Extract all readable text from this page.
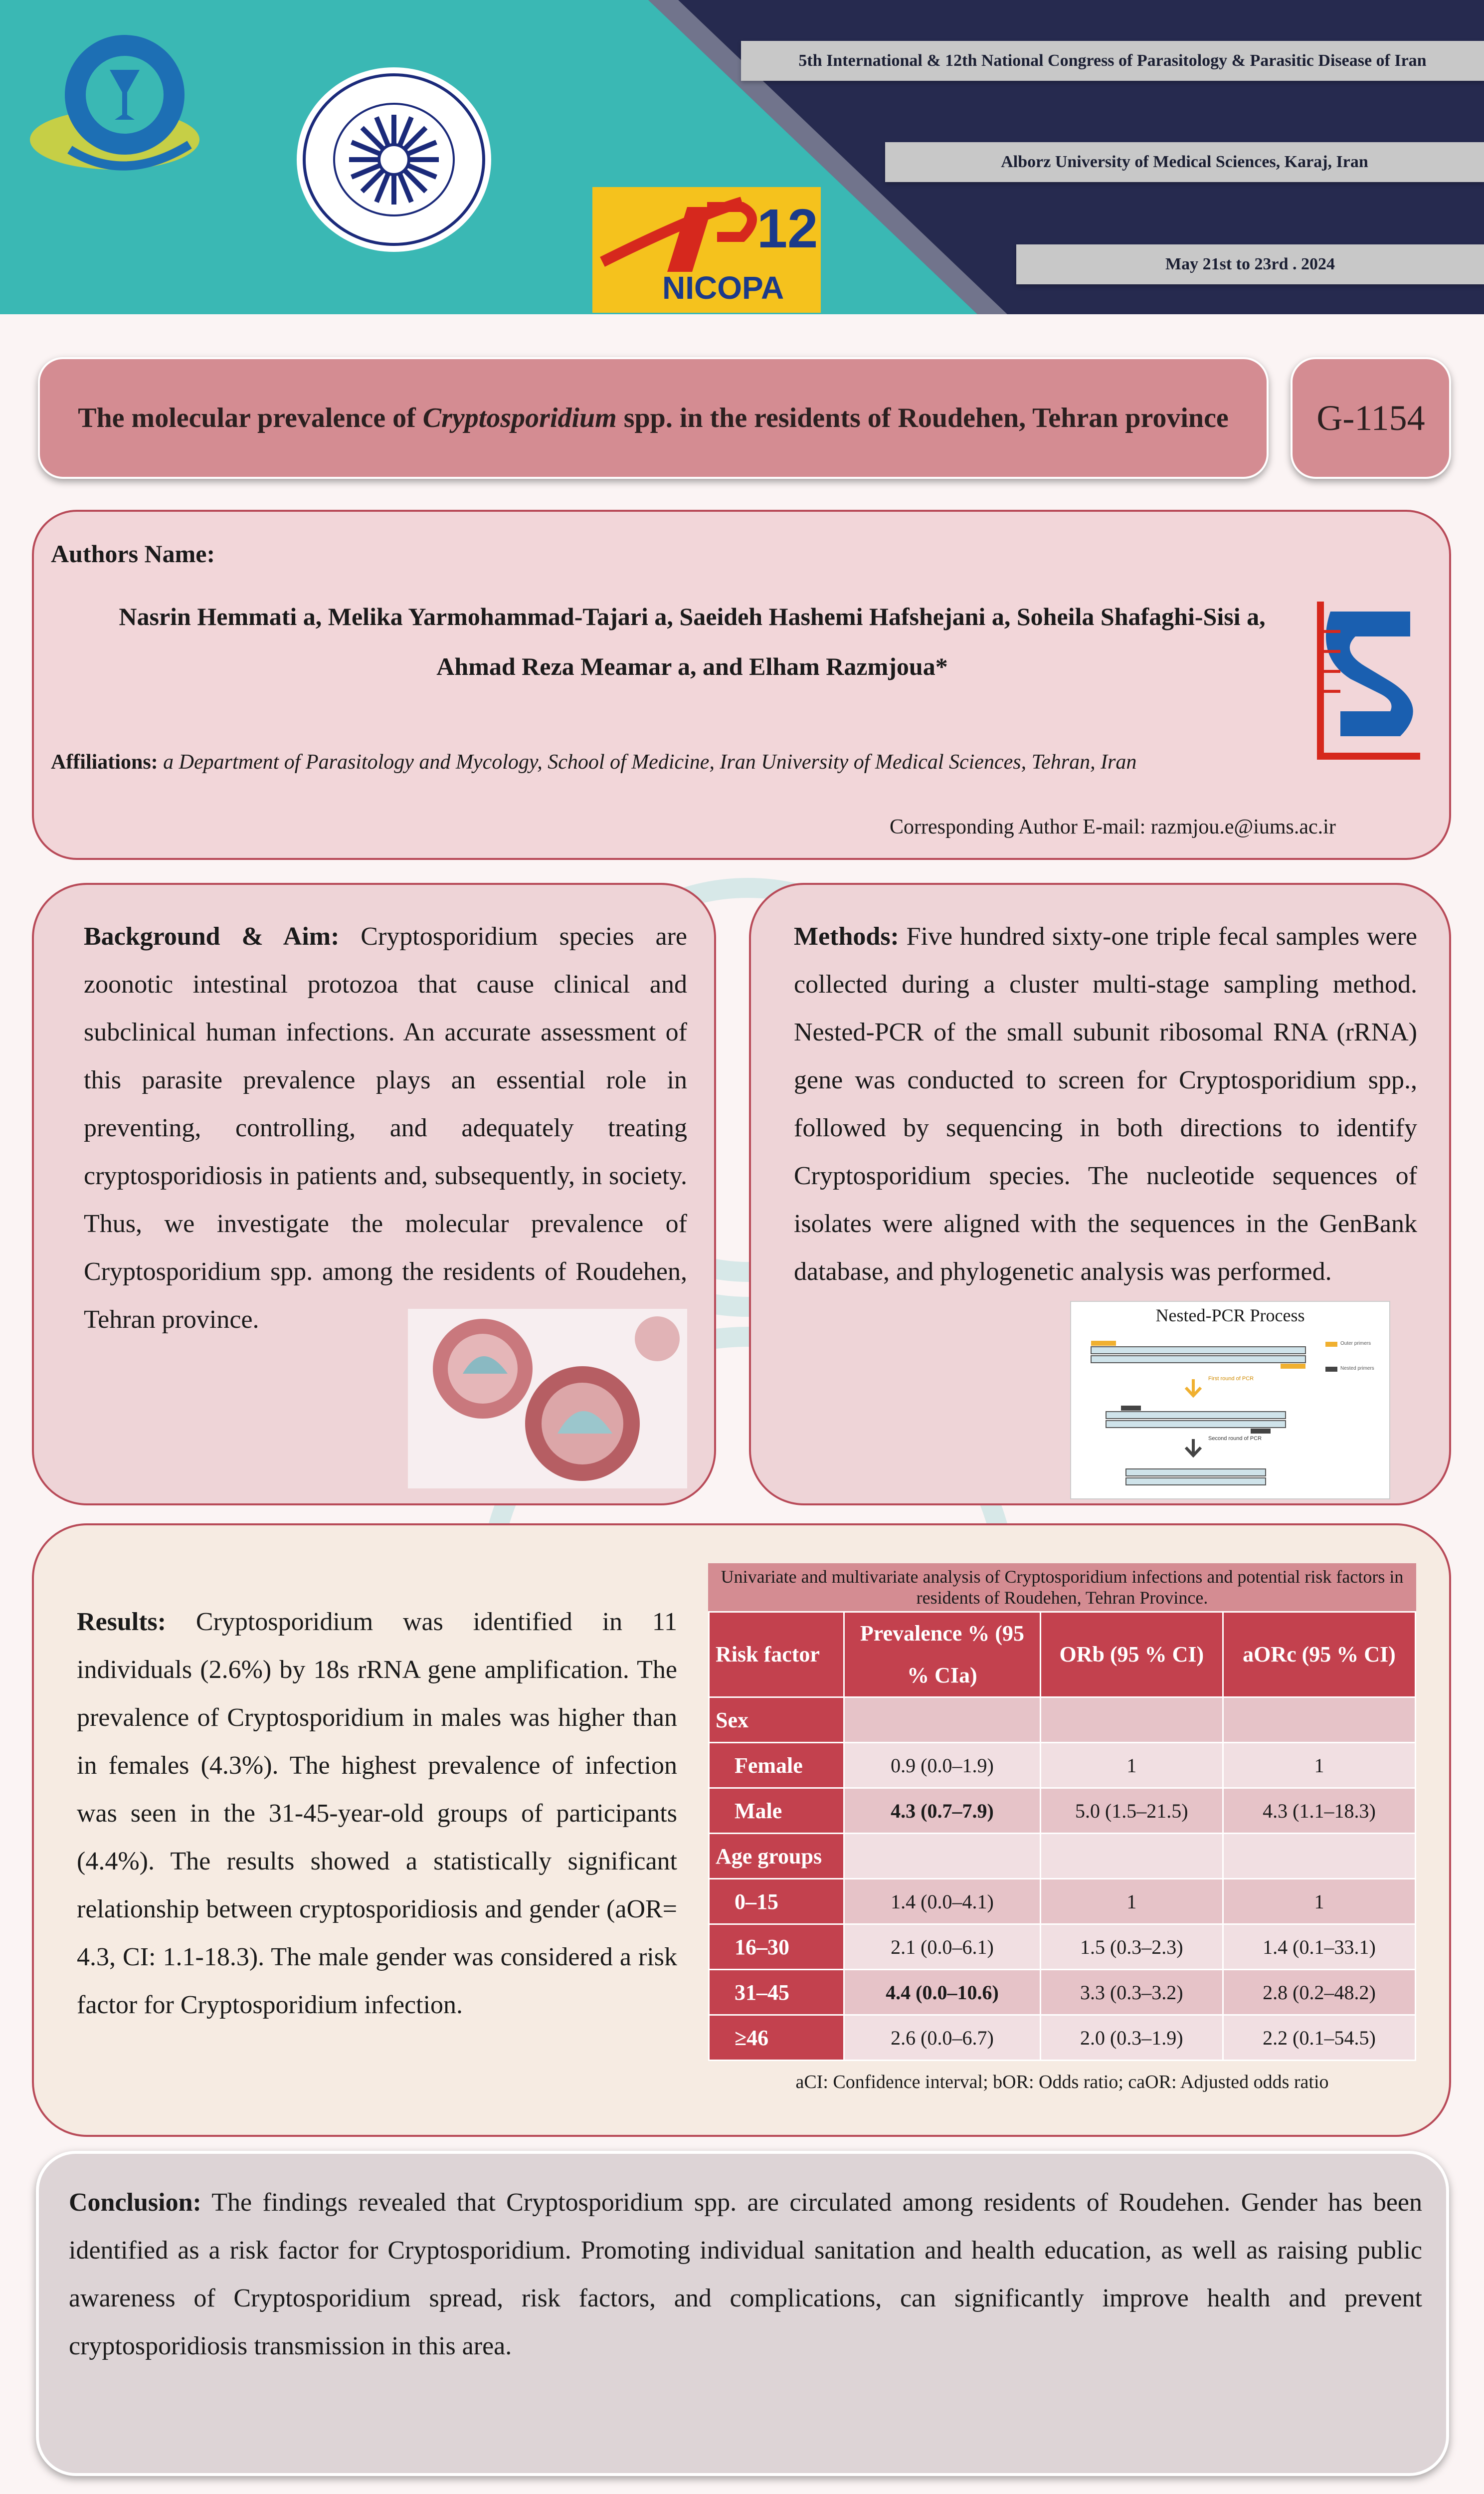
12
NICOPA
5th International & 12th National Congress of Parasitology & Parasitic Disease of Iran
Alborz University of Medical Sciences, Karaj, Iran
May 21st to 23rd . 2024
The molecular prevalence of Cryptosporidium spp. in the residents of Roudehen, Tehran province	G-1154
Authors Name:
Nasrin Hemmati a, Melika Yarmohammad-Tajari a, Saeideh Hashemi Hafshejani a, Soheila Shafaghi-Sisi a,
Ahmad Reza Meamar a, and Elham Razmjoua*
Affiliations: a Department of Parasitology and Mycology, School of Medicine, Iran University of Medical Sciences, Tehran, Iran
Corresponding Author E-mail: razmjou.e@iums.ac.ir

Background & Aim: Cryptosporidium species are zoonotic intestinal protozoa that cause clinical and subclinical human infections. An accurate assessment of this parasite prevalence plays an essential role in preventing, controlling, and adequately treating cryptosporidiosis in patients and, subsequently, in society. Thus, we investigate the molecular prevalence of Cryptosporidium spp. among the residents of Roudehen, Tehran province.

Methods: Five hundred sixty-one triple fecal samples were collected during a cluster multi-stage sampling method. Nested-PCR of the small subunit ribosomal RNA (rRNA) gene was conducted to screen for Cryptosporidium spp., followed by sequencing in both directions to identify Cryptosporidium species. The nucleotide sequences of isolates were aligned with the sequences in the GenBank database, and phylogenetic analysis was performed.

Nested-PCR Process
First round of PCR
Second round of PCR
Outer primers
Nested primers

Results: Cryptosporidium was identified in 11 individuals (2.6%) by 18s rRNA gene amplification. The prevalence of Cryptosporidium in males was higher than in females (4.3%). The highest prevalence of infection was seen in the 31-45-year-old groups of participants (4.4%). The results showed a statistically significant relationship between cryptosporidiosis and gender (aOR= 4.3, CI: 1.1-18.3). The male gender was considered a risk factor for Cryptosporidium infection.

Univariate and multivariate analysis of Cryptosporidium infections and potential risk factors in residents of Roudehen, Tehran Province.
Risk factor	Prevalence % (95 % CIa)	ORb (95 % CI)	aORc (95 % CI)
Sex			
Female	0.9 (0.0–1.9)	1	1
Male	4.3 (0.7–7.9)	5.0 (1.5–21.5)	4.3 (1.1–18.3)
Age groups			
0–15	1.4 (0.0–4.1)	1	1
16–30	2.1 (0.0–6.1)	1.5 (0.3–2.3)	1.4 (0.1–33.1)
31–45	4.4 (0.0–10.6)	3.3 (0.3–3.2)	2.8 (0.2–48.2)
≥46	2.6 (0.0–6.7)	2.0 (0.3–1.9)	2.2 (0.1–54.5)
aCI: Confidence interval; bOR: Odds ratio; caOR: Adjusted odds ratio

Conclusion: The findings revealed that Cryptosporidium spp. are circulated among residents of Roudehen. Gender has been identified as a risk factor for Cryptosporidium. Promoting individual sanitation and health education, as well as raising public awareness of Cryptosporidium spread, risk factors, and complications, can significantly improve health and prevent cryptosporidiosis transmission in this area.
